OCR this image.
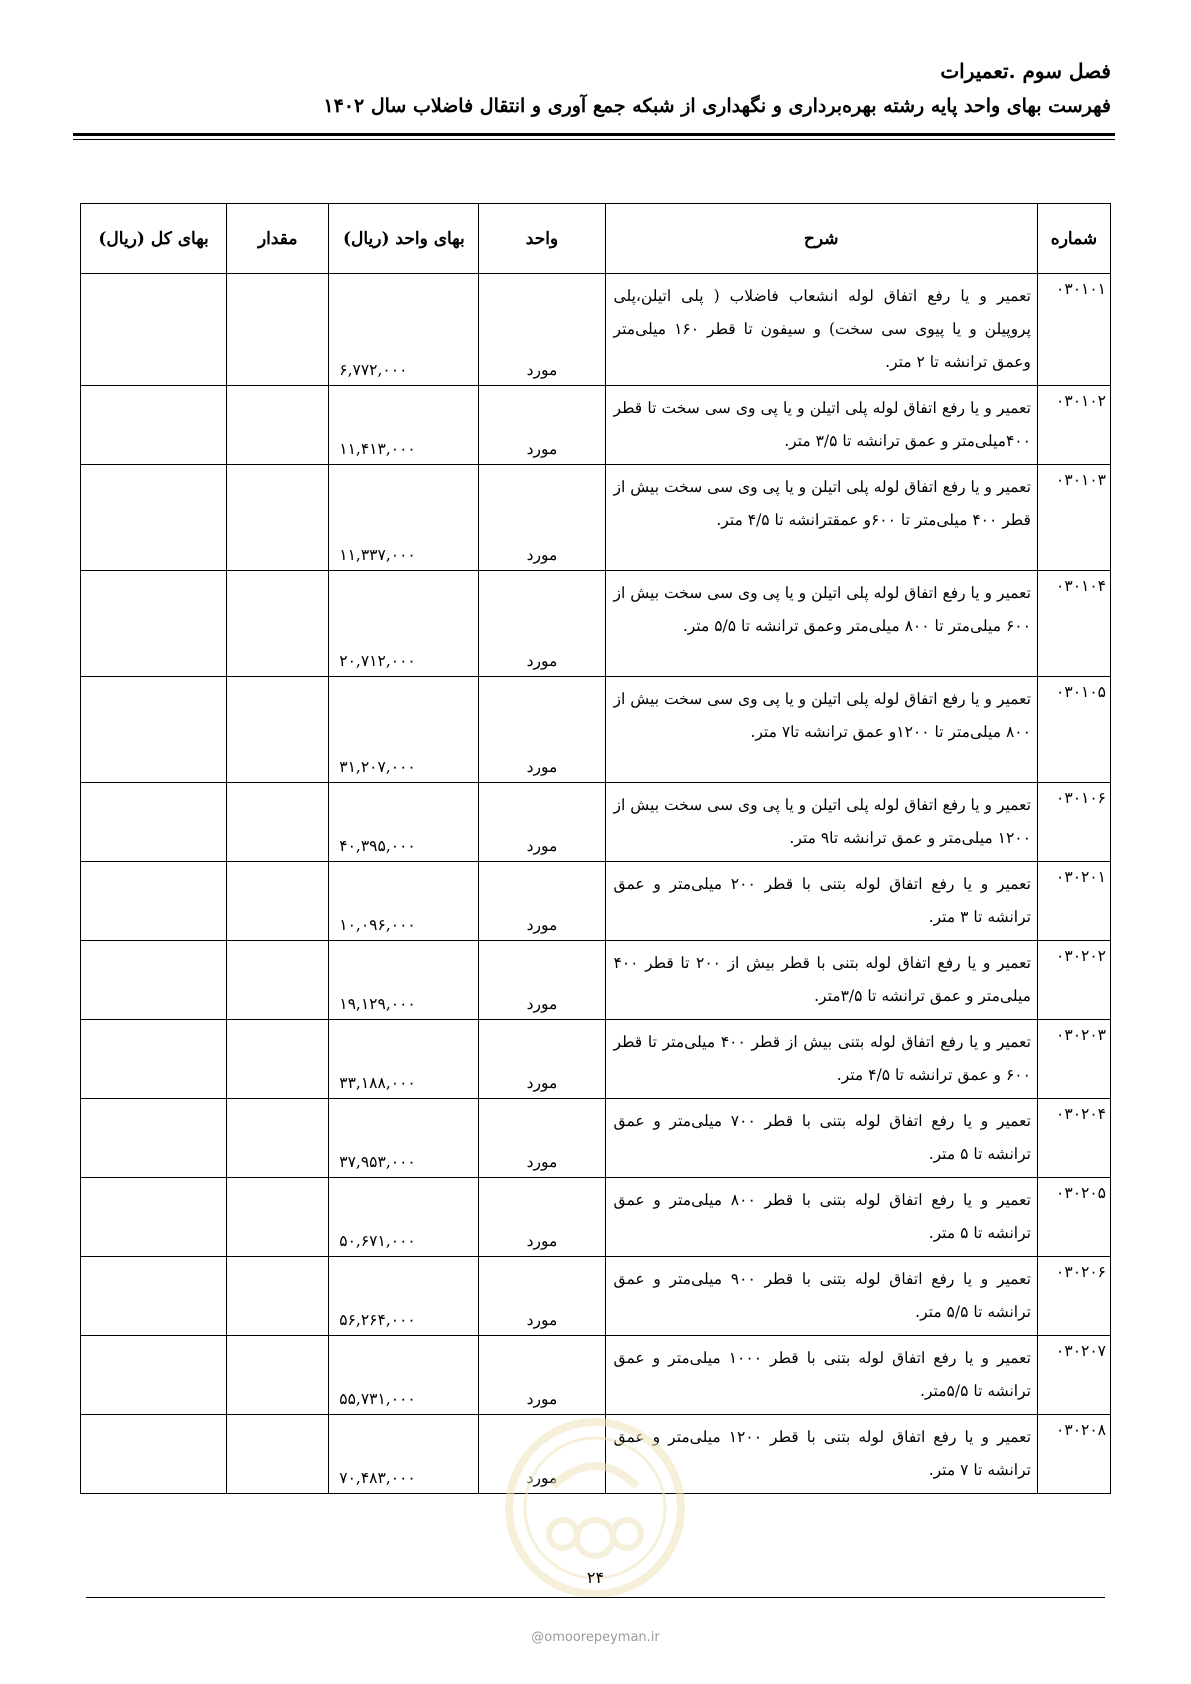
فصل سوم .تعمیرات
فهرست بهای واحد پایه رشته بهره‌برداری و نگهداری از شبکه جمع آوری و انتقال فاضلاب سال ۱۴۰۲
شماره	شرح	واحد	بهای واحد (ریال)	مقدار	بهای کل (ریال)
۰۳۰۱۰۱	تعمیر و یا رفع اتفاق لوله انشعاب فاضلاب ( پلی اتیلن،پلی پروپیلن و یا پیوی سی سخت) و سیفون تا قطر ۱۶۰ میلی‌متر وعمق ترانشه تا ۲ متر.	مورد	۶,۷۷۲,۰۰۰		
۰۳۰۱۰۲	تعمیر و یا رفع اتفاق لوله پلی اتیلن و یا پی وی سی سخت تا قطر ۴۰۰میلی‌متر و عمق ترانشه تا ۳/۵ متر.	مورد	۱۱,۴۱۳,۰۰۰		
۰۳۰۱۰۳	تعمیر و یا رفع اتفاق لوله پلی اتیلن و یا پی وی سی سخت بیش از قطر ۴۰۰ میلی‌متر تا ۶۰۰و عمقترانشه تا ۴/۵ متر.	مورد	۱۱,۳۳۷,۰۰۰		
۰۳۰۱۰۴	تعمیر و یا رفع اتفاق لوله پلی اتیلن و یا پی وی سی سخت بیش از ۶۰۰ میلی‌متر تا ۸۰۰ میلی‌متر وعمق ترانشه تا ۵/۵ متر.	مورد	۲۰,۷۱۲,۰۰۰		
۰۳۰۱۰۵	تعمیر و یا رفع اتفاق لوله پلی اتیلن و یا پی وی سی سخت بیش از ۸۰۰ میلی‌متر تا ۱۲۰۰و عمق ترانشه تا۷ متر.	مورد	۳۱,۲۰۷,۰۰۰		
۰۳۰۱۰۶	تعمیر و یا رفع اتفاق لوله پلی اتیلن و یا پی وی سی سخت بیش از ۱۲۰۰ میلی‌متر و عمق ترانشه تا۹ متر.	مورد	۴۰,۳۹۵,۰۰۰		
۰۳۰۲۰۱	تعمیر و یا رفع اتفاق لوله بتنی با قطر ۲۰۰ میلی‌متر و عمق ترانشه تا ۳ متر.	مورد	۱۰,۰۹۶,۰۰۰		
۰۳۰۲۰۲	تعمیر و یا رفع اتفاق لوله بتنی با قطر بیش از ۲۰۰ تا قطر ۴۰۰ میلی‌متر و عمق ترانشه تا ۳/۵متر.	مورد	۱۹,۱۲۹,۰۰۰		
۰۳۰۲۰۳	تعمیر و یا رفع اتفاق لوله بتنی بیش از قطر ۴۰۰ میلی‌متر تا قطر ۶۰۰ و عمق ترانشه تا ۴/۵ متر.	مورد	۳۳,۱۸۸,۰۰۰		
۰۳۰۲۰۴	تعمیر و یا رفع اتفاق لوله بتنی با قطر ۷۰۰ میلی‌متر و عمق ترانشه تا ۵ متر.	مورد	۳۷,۹۵۳,۰۰۰		
۰۳۰۲۰۵	تعمیر و یا رفع اتفاق لوله بتنی با قطر ۸۰۰ میلی‌متر و عمق ترانشه تا ۵ متر.	مورد	۵۰,۶۷۱,۰۰۰		
۰۳۰۲۰۶	تعمیر و یا رفع اتفاق لوله بتنی با قطر ۹۰۰ میلی‌متر و عمق ترانشه تا ۵/۵ متر.	مورد	۵۶,۲۶۴,۰۰۰		
۰۳۰۲۰۷	تعمیر و یا رفع اتفاق لوله بتنی با قطر ۱۰۰۰ میلی‌متر و عمق ترانشه تا ۵/۵متر.	مورد	۵۵,۷۳۱,۰۰۰		
۰۳۰۲۰۸	تعمیر و یا رفع اتفاق لوله بتنی با قطر ۱۲۰۰ میلی‌متر و عمق ترانشه تا ۷ متر.	مورد	۷۰,۴۸۳,۰۰۰		
۲۴
@omoorepeyman.ir
